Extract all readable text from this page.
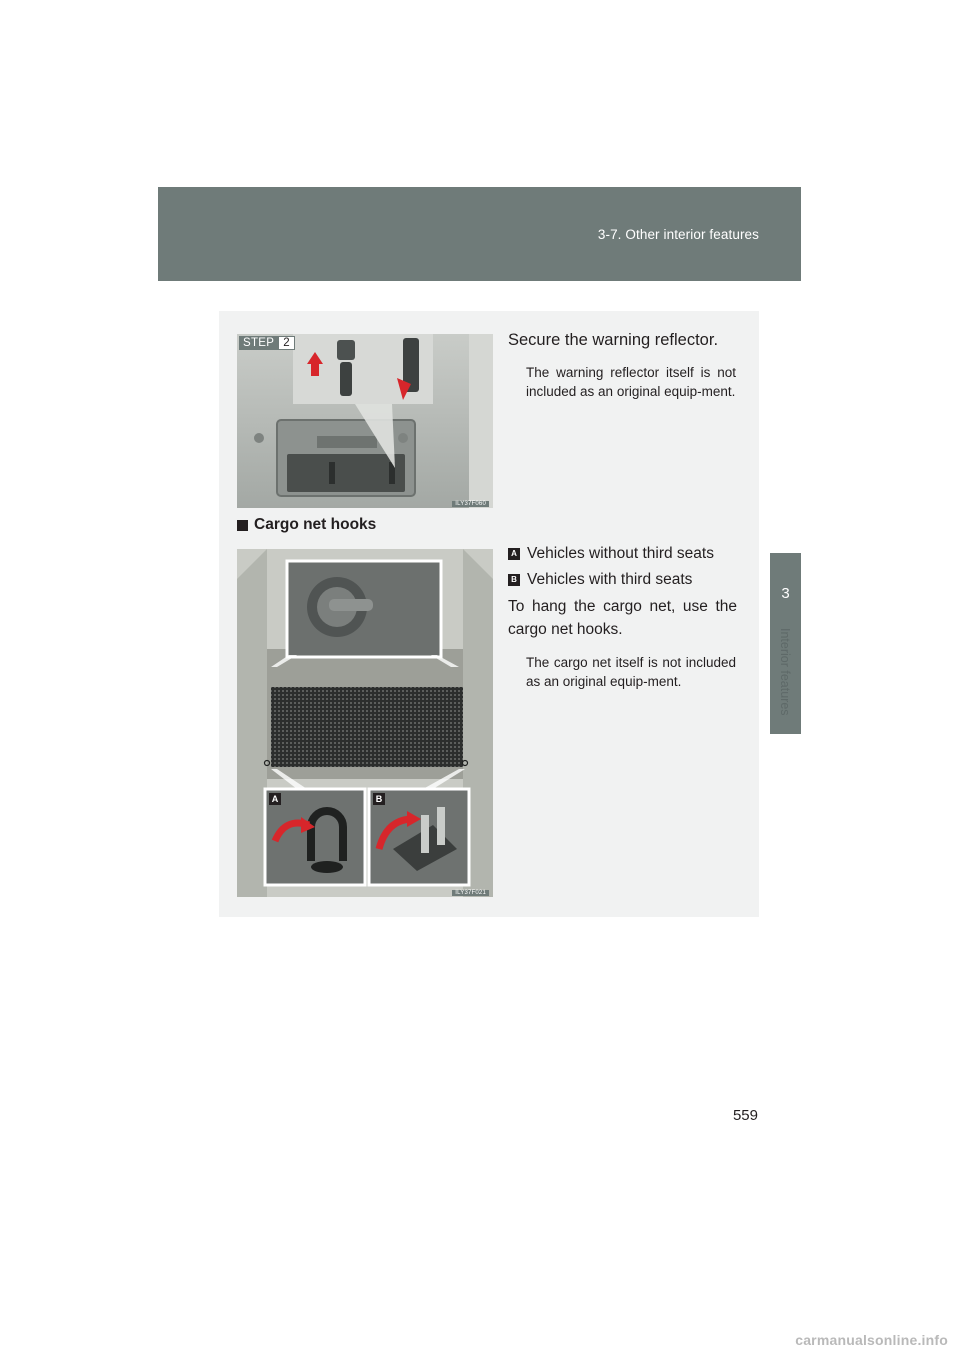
3-7. Other interior features
3
Interior features
STEP 2
ILY37F060
Secure the warning reflector.
The warning reflector itself is not included as an original equip-ment.
Cargo net hooks
A	B
ILY37F021
A Vehicles without third seats
B Vehicles with third seats
To hang the cargo net, use the cargo net hooks.
The cargo net itself is not included as an original equip-ment.
559
carmanualsonline.info
